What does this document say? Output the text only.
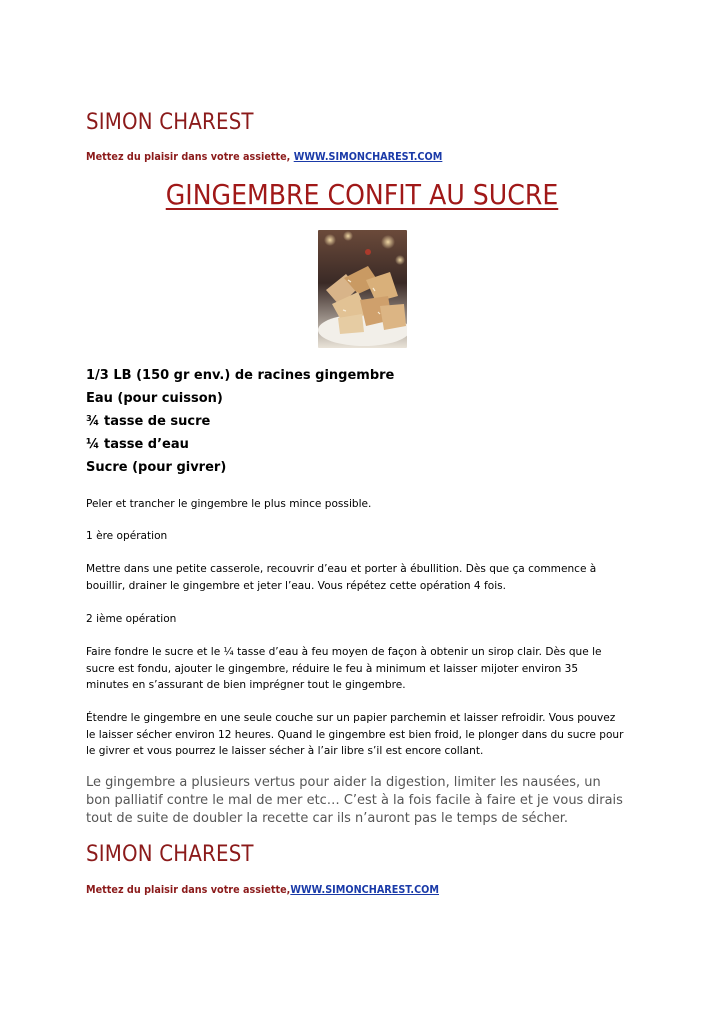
SIMON CHAREST

Mettez du plaisir dans votre assiette, WWW.SIMONCHAREST.COM

GINGEMBRE CONFIT AU SUCRE
1/3 LB (150 gr env.) de racines gingembre
Eau (pour cuisson)
¾ tasse de sucre
¼ tasse d’eau
Sucre (pour givrer)

Peler et trancher le gingembre le plus mince possible.

1 ère opération

Mettre dans une petite casserole, recouvrir d’eau et porter à ébullition. Dès que ça commence à bouillir, drainer le gingembre et jeter l’eau. Vous répétez cette opération 4 fois.

2 ième opération

Faire fondre le sucre et le ¼ tasse d’eau à feu moyen de façon à obtenir un sirop clair. Dès que le sucre est fondu, ajouter le gingembre, réduire le feu à minimum et laisser mijoter environ 35 minutes en s’assurant de bien imprégner tout le gingembre.

Étendre le gingembre en une seule couche sur un papier parchemin et laisser refroidir. Vous pouvez le laisser sécher environ 12 heures. Quand le gingembre est bien froid, le plonger dans du sucre pour le givrer et vous pourrez le laisser sécher à l’air libre s’il est encore collant.

Le gingembre a plusieurs vertus pour aider la digestion, limiter les nausées, un bon palliatif contre le mal de mer etc… C’est à la fois facile à faire et je vous dirais tout de suite de doubler la recette car ils n’auront pas le temps de sécher.

SIMON CHAREST

Mettez du plaisir dans votre assiette,WWW.SIMONCHAREST.COM
